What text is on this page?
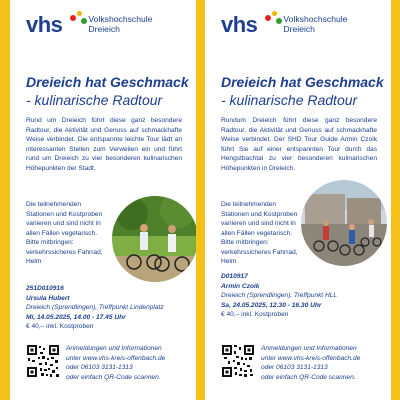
vhs	Volkshochschule
Dreieich
Dreieich hat Geschmack
- kulinarische Radtour
Rund um Dreieich führt diese ganz besondere Radtour, die Aktivität und Genuss auf schmackhafte Weise verbindet. Die entspannte leichte Tour lädt an interessanten Stellen zum Verweilen ein und führt rund um Dreieich zu vier besonderen kulinarischen Höhepunkten der Stadt.
Die teilnehmenden Stationen und Kostproben variieren und sind nicht in allen Fällen vegetarisch. Bitte mitbringen: verkehrssicheres Fahrrad, Helm
251D010916
Ursula Hubert
Dreieich (Sprendlingen), Treffpunkt Lindenplatz
Mi, 14.05.2025, 14.00 - 17.45 Uhr
€ 40,– inkl. Kostproben
Anmeldungen und Informationen
unter www.vhs-kreis-offenbach.de
oder 06103 3131-1313
oder einfach QR-Code scannen.
vhs	Volkshochschule
Dreieich
Dreieich hat Geschmack
- kulinarische Radtour
Rundum Dreieich führt diese ganz besondere Radtour, die Aktivität und Genuss auf schmackhafte Weise verbindet. Der SHD Tour Guide Armin Czoik führt Sie auf einer entspannten Tour durch das Hengstbachtal zu vier besonderen kulinarischen Höhepunkten in Dreieich.
Die teilnehmenden Stationen und Kostproben variieren und sind nicht in allen Fällen vegetarisch. Bitte mitbringen: verkehrssicheres Fahrrad, Helm
D010917
Armin Czoik
Dreieich (Sprendlingen), Treffpunkt HLL
Sa, 24.05.2025, 12.30 - 16.30 Uhr
€ 40,– inkl. Kostproben
Anmeldungen und Informationen
unter www.vhs-kreis-offenbach.de
oder 06103 3131-1313
oder einfach QR-Code scannen.
